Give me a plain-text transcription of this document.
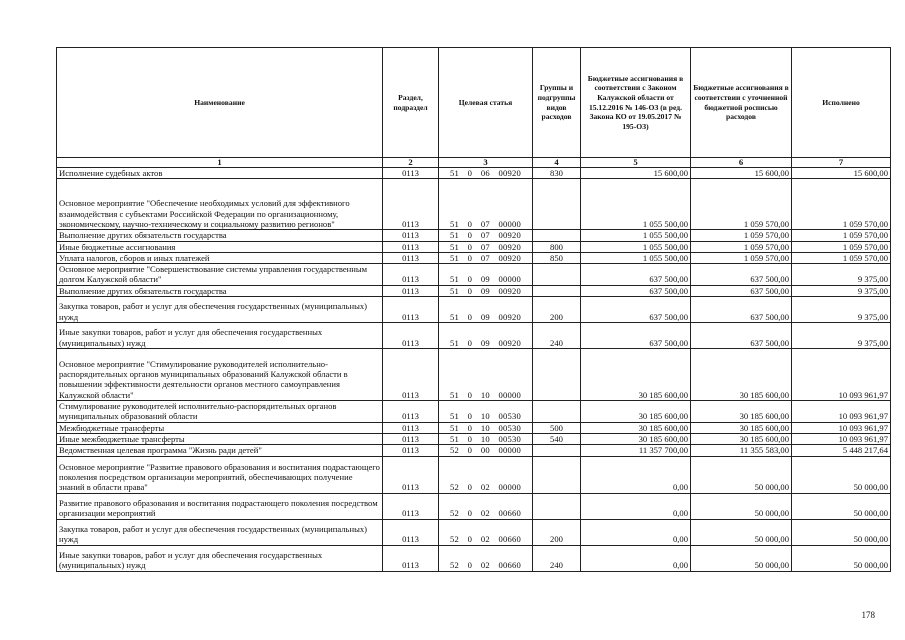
Наименование	Раздел, подраздел	Целевая статья	Группы и подгруппы видов расходов	Бюджетные ассигнования в соответствии с Законом Калужской области от 15.12.2016 № 146-ОЗ (в ред. Закона КО от 19.05.2017 № 195-ОЗ)	Бюджетные ассигнования в соответствии с уточненной бюджетной росписью расходов	Исполнено
1	2	3	4	5	6	7
Исполнение судебных актов	0113	51  0  06  00920	830	15 600,00	15 600,00	15 600,00
Основное мероприятие "Обеспечение необходимых условий для эффективного взаимодействия с субъектами Российской Федерации по организационному, экономическому, научно-техническому и социальному развитию регионов"	0113	51  0  07  00000		1 055 500,00	1 059 570,00	1 059 570,00
Выполнение других обязательств государства	0113	51  0  07  00920		1 055 500,00	1 059 570,00	1 059 570,00
Иные бюджетные ассигнования	0113	51  0  07  00920	800	1 055 500,00	1 059 570,00	1 059 570,00
Уплата налогов, сборов и иных платежей	0113	51  0  07  00920	850	1 055 500,00	1 059 570,00	1 059 570,00
Основное мероприятие "Совершенствование системы управления государственным долгом Калужской области"	0113	51  0  09  00000		637 500,00	637 500,00	9 375,00
Выполнение других обязательств государства	0113	51  0  09  00920		637 500,00	637 500,00	9 375,00
Закупка товаров, работ и услуг для обеспечения государственных (муниципальных) нужд	0113	51  0  09  00920	200	637 500,00	637 500,00	9 375,00
Иные закупки товаров, работ и услуг для обеспечения государственных (муниципальных) нужд	0113	51  0  09  00920	240	637 500,00	637 500,00	9 375,00
Основное мероприятие "Стимулирование руководителей исполнительно-распорядительных органов муниципальных образований Калужской области в повышении эффективности деятельности органов местного самоуправления Калужской области"	0113	51  0  10  00000		30 185 600,00	30 185 600,00	10 093 961,97
Стимулирование руководителей исполнительно-распорядительных органов муниципальных образований области	0113	51  0  10  00530		30 185 600,00	30 185 600,00	10 093 961,97
Межбюджетные трансферты	0113	51  0  10  00530	500	30 185 600,00	30 185 600,00	10 093 961,97
Иные межбюджетные трансферты	0113	51  0  10  00530	540	30 185 600,00	30 185 600,00	10 093 961,97
Ведомственная целевая программа "Жизнь ради детей"	0113	52  0  00  00000		11 357 700,00	11 355 583,00	5 448 217,64
Основное мероприятие "Развитие правового образования и воспитания подрастающего поколения посредством организации мероприятий, обеспечивающих получение знаний в области права"	0113	52  0  02  00000		0,00	50 000,00	50 000,00
Развитие правового образования и воспитания подрастающего поколения посредством организации мероприятий	0113	52  0  02  00660		0,00	50 000,00	50 000,00
Закупка товаров, работ и услуг для обеспечения государственных (муниципальных) нужд	0113	52  0  02  00660	200	0,00	50 000,00	50 000,00
Иные закупки товаров, работ и услуг для обеспечения государственных (муниципальных) нужд	0113	52  0  02  00660	240	0,00	50 000,00	50 000,00
178
